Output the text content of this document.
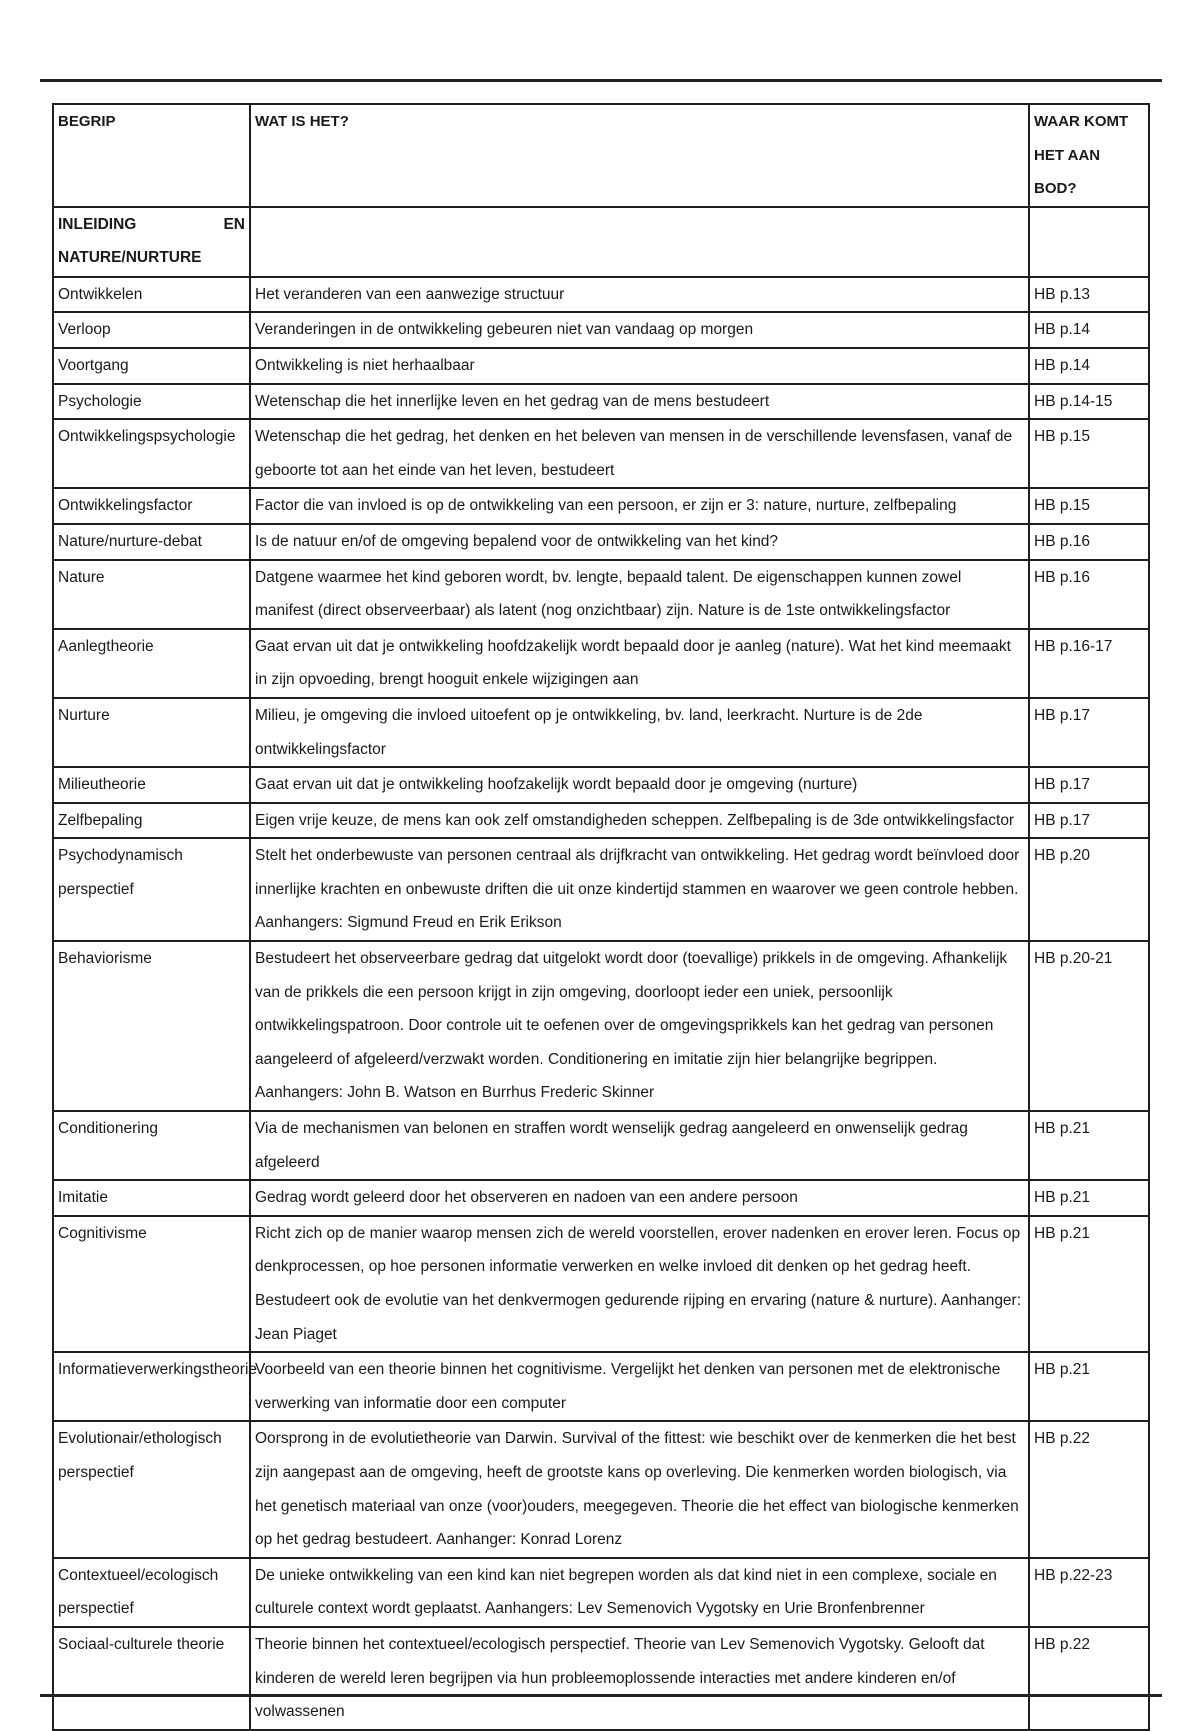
BEGRIP	WAT IS HET?	WAAR KOMT HET AAN BOD?

INLEIDING EN
NATURE/NURTURE		

Ontwikkelen	Het veranderen van een aanwezige structuur	HB p.13
Verloop	Veranderingen in de ontwikkeling gebeuren niet van vandaag op morgen	HB p.14
Voortgang	Ontwikkeling is niet herhaalbaar	HB p.14
Psychologie	Wetenschap die het innerlijke leven en het gedrag van de mens bestudeert	HB p.14-15
Ontwikkelingspsychologie	Wetenschap die het gedrag, het denken en het beleven van mensen in de verschillende levensfasen, vanaf de geboorte tot aan het einde van het leven, bestudeert	HB p.15
Ontwikkelingsfactor	Factor die van invloed is op de ontwikkeling van een persoon, er zijn er 3: nature, nurture, zelfbepaling	HB p.15
Nature/nurture-debat	Is de natuur en/of de omgeving bepalend voor de ontwikkeling van het kind?	HB p.16
Nature	Datgene waarmee het kind geboren wordt, bv. lengte, bepaald talent. De eigenschappen kunnen zowel manifest (direct observeerbaar) als latent (nog onzichtbaar) zijn. Nature is de 1ste ontwikkelingsfactor	HB p.16
Aanlegtheorie	Gaat ervan uit dat je ontwikkeling hoofdzakelijk wordt bepaald door je aanleg (nature). Wat het kind meemaakt in zijn opvoeding, brengt hooguit enkele wijzigingen aan	HB p.16-17
Nurture	Milieu, je omgeving die invloed uitoefent op je ontwikkeling, bv. land, leerkracht. Nurture is de 2de ontwikkelingsfactor	HB p.17
Milieutheorie	Gaat ervan uit dat je ontwikkeling hoofzakelijk wordt bepaald door je omgeving (nurture)	HB p.17
Zelfbepaling	Eigen vrije keuze, de mens kan ook zelf omstandigheden scheppen. Zelfbepaling is de 3de ontwikkelingsfactor	HB p.17
Psychodynamisch perspectief	Stelt het onderbewuste van personen centraal als drijfkracht van ontwikkeling. Het gedrag wordt beïnvloed door innerlijke krachten en onbewuste driften die uit onze kindertijd stammen en waarover we geen controle hebben. Aanhangers: Sigmund Freud en Erik Erikson	HB p.20
Behaviorisme	Bestudeert het observeerbare gedrag dat uitgelokt wordt door (toevallige) prikkels in de omgeving. Afhankelijk van de prikkels die een persoon krijgt in zijn omgeving, doorloopt ieder een uniek, persoonlijk ontwikkelingspatroon. Door controle uit te oefenen over de omgevingsprikkels kan het gedrag van personen aangeleerd of afgeleerd/verzwakt worden. Conditionering en imitatie zijn hier belangrijke begrippen. Aanhangers: John B. Watson en Burrhus Frederic Skinner	HB p.20-21
Conditionering	Via de mechanismen van belonen en straffen wordt wenselijk gedrag aangeleerd en onwenselijk gedrag afgeleerd	HB p.21
Imitatie	Gedrag wordt geleerd door het observeren en nadoen van een andere persoon	HB p.21
Cognitivisme	Richt zich op de manier waarop mensen zich de wereld voorstellen, erover nadenken en erover leren. Focus op denkprocessen, op hoe personen informatie verwerken en welke invloed dit denken op het gedrag heeft. Bestudeert ook de evolutie van het denkvermogen gedurende rijping en ervaring (nature & nurture). Aanhanger: Jean Piaget	HB p.21
Informatieverwerkingstheorie	Voorbeeld van een theorie binnen het cognitivisme. Vergelijkt het denken van personen met de elektronische verwerking van informatie door een computer	HB p.21
Evolutionair/ethologisch perspectief	Oorsprong in de evolutietheorie van Darwin. Survival of the fittest: wie beschikt over de kenmerken die het best zijn aangepast aan de omgeving, heeft de grootste kans op overleving. Die kenmerken worden biologisch, via het genetisch materiaal van onze (voor)ouders, meegegeven. Theorie die het effect van biologische kenmerken op het gedrag bestudeert. Aanhanger: Konrad Lorenz	HB p.22
Contextueel/ecologisch perspectief	De unieke ontwikkeling van een kind kan niet begrepen worden als dat kind niet in een complexe, sociale en culturele context wordt geplaatst. Aanhangers: Lev Semenovich Vygotsky en Urie Bronfenbrenner	HB p.22-23
Sociaal-culturele theorie	Theorie binnen het contextueel/ecologisch perspectief. Theorie van Lev Semenovich Vygotsky. Gelooft dat kinderen de wereld leren begrijpen via hun probleemoplossende interacties met andere kinderen en/of volwassenen	HB p.22
